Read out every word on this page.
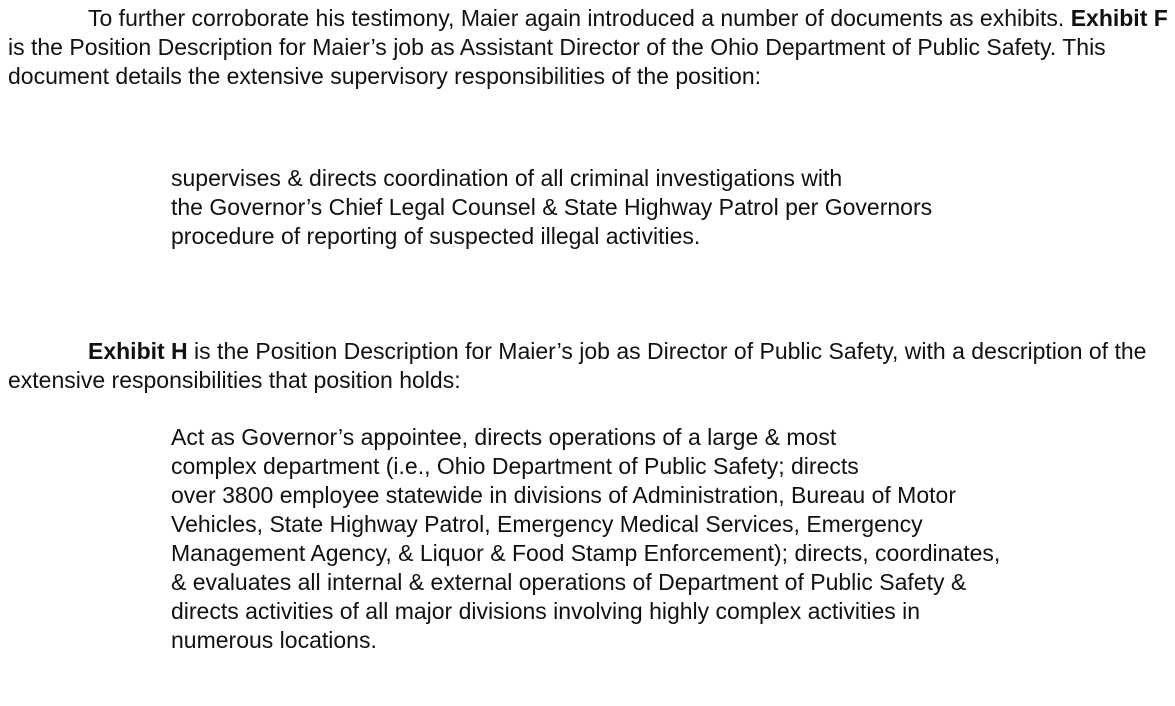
To further corroborate his testimony, Maier again introduced a number of documents as exhibits. Exhibit F is the Position Description for Maier’s job as Assistant Director of the Ohio Department of Public Safety. This document details the extensive supervisory responsibilities of the position:

supervises & directs coordination of all criminal investigations with
the Governor’s Chief Legal Counsel & State Highway Patrol per Governors
procedure of reporting of suspected illegal activities.

Exhibit H is the Position Description for Maier’s job as Director of Public Safety, with a description of the extensive responsibilities that position holds:

Act as Governor’s appointee, directs operations of a large & most
complex department (i.e., Ohio Department of Public Safety; directs
over 3800 employee statewide in divisions of Administration, Bureau of Motor
Vehicles, State Highway Patrol, Emergency Medical Services, Emergency
Management Agency, & Liquor & Food Stamp Enforcement); directs, coordinates,
& evaluates all internal & external operations of Department of Public Safety &
directs activities of all major divisions involving highly complex activities in
numerous locations.
